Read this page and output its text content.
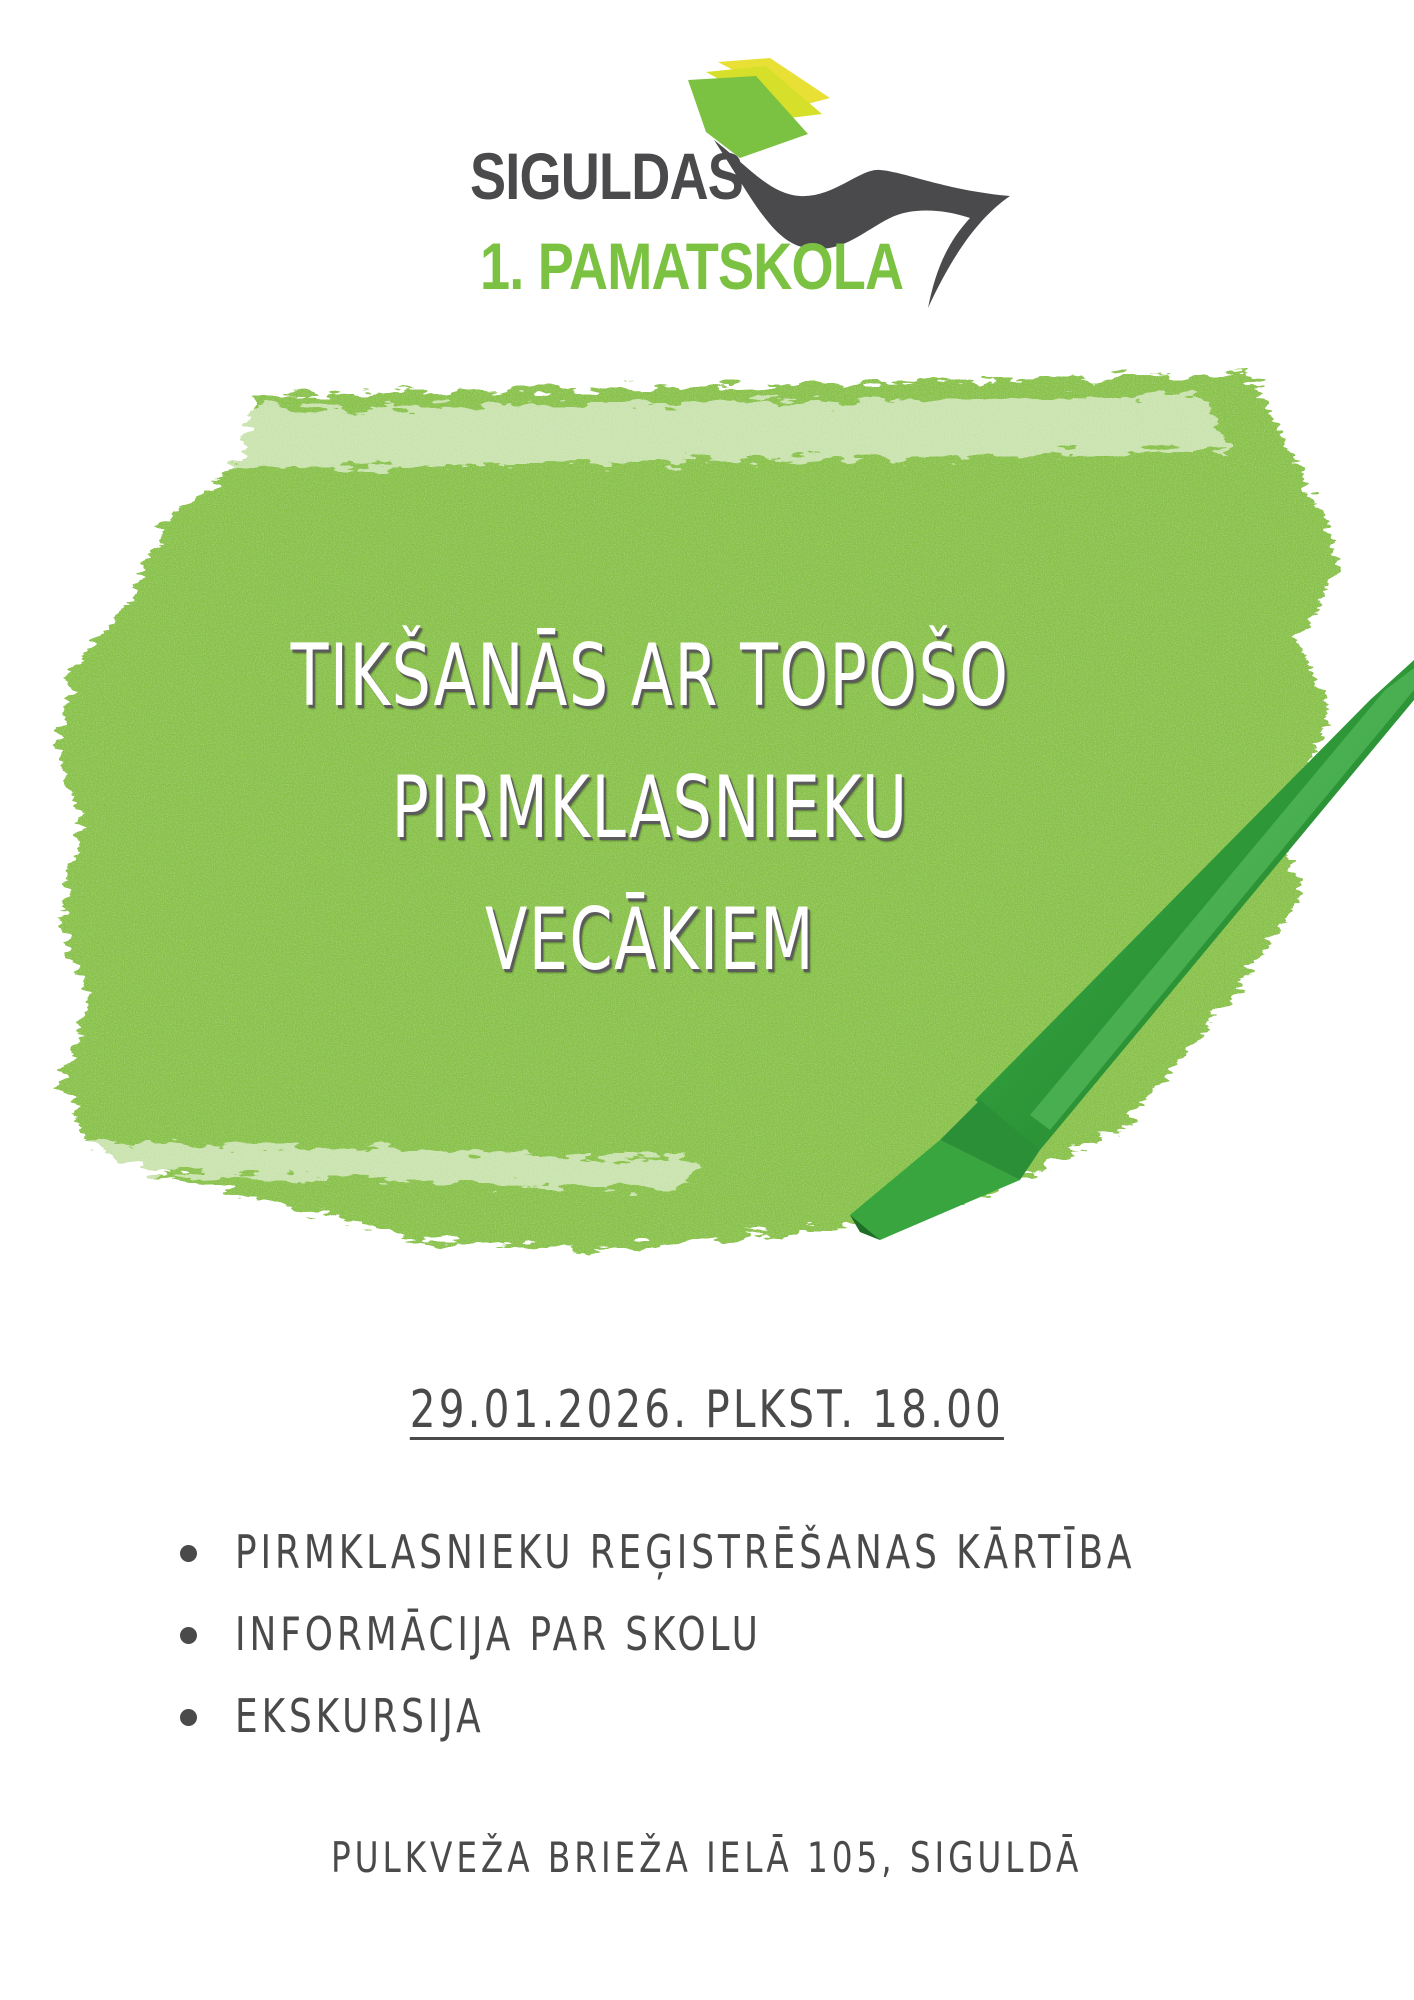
SIGULDAS
1. PAMATSKOLA
TIKŠANĀS AR TOPOŠO
PIRMKLASNIEKU
VECĀKIEM
29.01.2026. PLKST. 18.00
PIRMKLASNIEKU REĢISTRĒŠANAS KĀRTĪBA
INFORMĀCIJA PAR SKOLU
EKSKURSIJA
PULKVEŽA BRIEŽA IELĀ 105, SIGULDĀ
